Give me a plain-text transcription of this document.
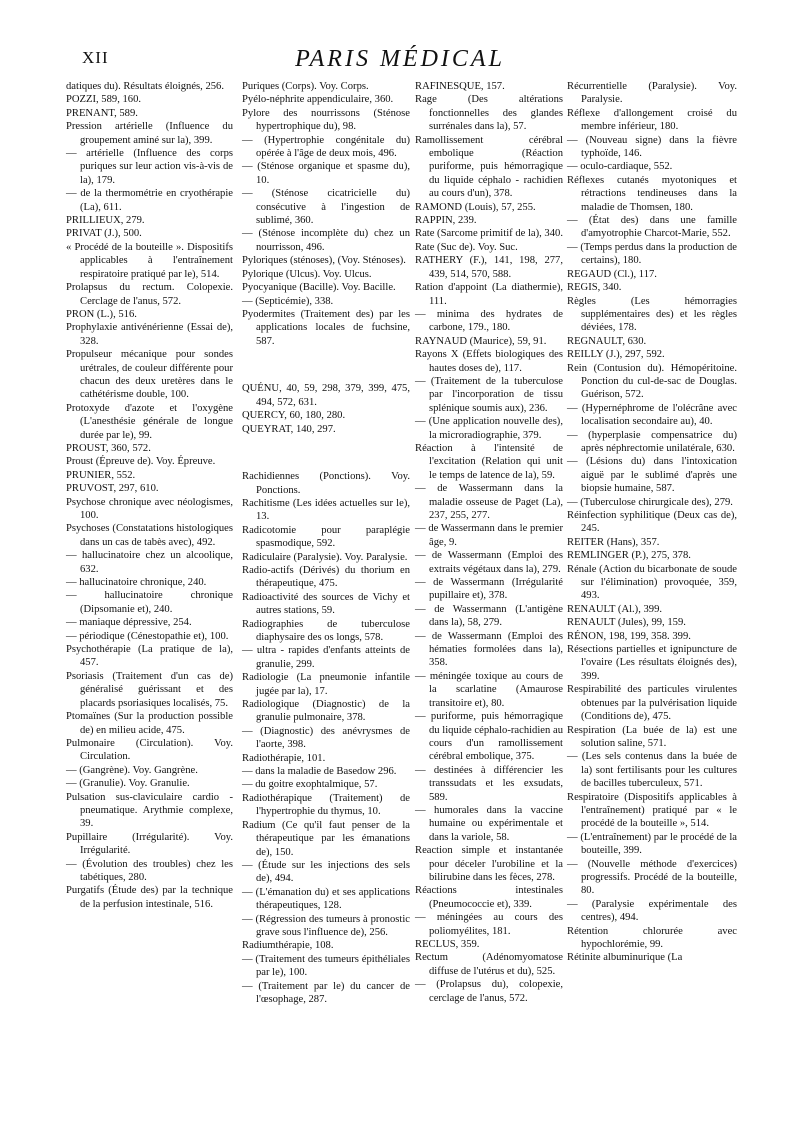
XII	PARIS MÉDICAL

datiques du). Résultats éloignés, 256.

POZZI, 589, 160.

PRENANT, 589.

Pression artérielle (Influence du groupement aminé sur la), 399.

— artérielle (Influence des corps puriques sur leur action vis-à-vis de la), 179.

— de la thermométrie en cryothérapie (La), 611.

PRILLIEUX, 279.

PRIVAT (J.), 500.

« Procédé de la bouteille ». Dispositifs applicables à l'entraînement respiratoire pratiqué par le), 514.

Prolapsus du rectum. Colopexie. Cerclage de l'anus, 572.

PRON (L.), 516.

Prophylaxie antivénérienne (Essai de), 328.

Propulseur mécanique pour sondes urétrales, de couleur différente pour chacun des deux uretères dans le cathétérisme double, 100.

Protoxyde d'azote et l'oxygène (L'anesthésie générale de longue durée par le), 99.

PROUST, 360, 572.

Proust (Épreuve de). Voy. Épreuve.

PRUNIER, 552.

PRUVOST, 297, 610.

Psychose chronique avec néologismes, 100.

Psychoses (Constatations histologiques dans un cas de tabès avec), 492.

— hallucinatoire chez un alcoolique, 632.

— hallucinatoire chronique, 240.

— hallucinatoire chronique (Dipsomanie et), 240.

— maniaque dépressive, 254.

— périodique (Cénestopathie et), 100.

Psychothérapie (La pratique de la), 457.

Psoriasis (Traitement d'un cas de) généralisé guérissant et des placards psoriasiques localisés, 75.

Ptomaïnes (Sur la production possible de) en milieu acide, 475.

Pulmonaire (Circulation). Voy. Circulation.

— (Gangrène). Voy. Gangrène.

— (Granulie). Voy. Granulie.

Pulsation sus-claviculaire cardio - pneumatique. Arythmie complexe, 39.

Pupillaire (Irrégularité). Voy. Irrégularité.

— (Évolution des troubles) chez les tabétiques, 280.

Purgatifs (Étude des) par la technique de la perfusion intestinale, 516.

Puriques (Corps). Voy. Corps.

Pyélo-néphrite appendiculaire, 360.

Pylore des nourrissons (Sténose hypertrophique du), 98.

— (Hypertrophie congénitale du) opérée à l'âge de deux mois, 496.

— (Sténose organique et spasme du), 10.

— (Sténose cicatricielle du) consécutive à l'ingestion de sublimé, 360.

— (Sténose incomplète du) chez un nourrisson, 496.

Pyloriques (sténoses), (Voy. Sténoses).

Pylorique (Ulcus). Voy. Ulcus.

Pyocyanique (Bacille). Voy. Bacille.

— (Septicémie), 338.

Pyodermites (Traitement des) par les applications locales de fuchsine, 587.

QUÉNU, 40, 59, 298, 379, 399, 475, 494, 572, 631.

QUERCY, 60, 180, 280.

QUEYRAT, 140, 297.

Rachidiennes (Ponctions). Voy. Ponctions.

Rachitisme (Les idées actuelles sur le), 13.

Radicotomie pour paraplégie spasmodique, 592.

Radiculaire (Paralysie). Voy. Paralysie.

Radio-actifs (Dérivés) du thorium en thérapeutique, 475.

Radioactivité des sources de Vichy et autres stations, 59.

Radiographies de tuberculose diaphysaire des os longs, 578.

— ultra - rapides d'enfants atteints de granulie, 299.

Radiologie (La pneumonie infantile jugée par la), 17.

Radiologique (Diagnostic) de la granulie pulmonaire, 378.

— (Diagnostic) des anévrysmes de l'aorte, 398.

Radiothérapie, 101.

— dans la maladie de Basedow 296.

— du goitre exophtalmique, 57.

Radiothérapique (Traitement) de l'hypertrophie du thymus, 10.

Radium (Ce qu'il faut penser de la thérapeutique par les émanations de), 150.

— (Étude sur les injections des sels de), 494.

— (L'émanation du) et ses applications thérapeutiques, 128.

— (Régression des tumeurs à pronostic grave sous l'influence de), 256.

Radiumthérapie, 108.

— (Traitement des tumeurs épithéliales par le), 100.

— (Traitement par le) du cancer de l'œsophage, 287.

RAFINESQUE, 157.

Rage (Des altérations fonctionnelles des glandes surrénales dans la), 57.

Ramollissement cérébral embolique (Réaction puriforme, puis hémorragique du liquide céphalo - rachidien au cours d'un), 378.

RAMOND (Louis), 57, 255.

RAPPIN, 239.

Rate (Sarcome primitif de la), 340.

Rate (Suc de). Voy. Suc.

RATHERY (F.), 141, 198, 277, 439, 514, 570, 588.

Ration d'appoint (La diathermie), 111.

— minima des hydrates de carbone, 179., 180.

RAYNAUD (Maurice), 59, 91.

Rayons X (Effets biologiques des hautes doses de), 117.

— (Traitement de la tuberculose par l'incorporation de tissu splénique soumis aux), 236.

— (Une application nouvelle des), la microradiographie, 379.

Réaction à l'intensité de l'excitation (Relation qui unit le temps de latence de la), 59.

— de Wassermann dans la maladie osseuse de Paget (La), 237, 255, 277.

— de Wassermann dans le premier âge, 9.

— de Wassermann (Emploi des extraits végétaux dans la), 279.

— de Wassermann (Irrégularité pupillaire et), 378.

— de Wassermann (L'antigène dans la), 58, 279.

— de Wassermann (Emploi des hématies formolées dans la), 358.

— méningée toxique au cours de la scarlatine (Amaurose transitoire et), 80.

— puriforme, puis hémorragique du liquide céphalo-rachidien au cours d'un ramollissement cérébral embolique, 375.

— destinées à différencier les transsudats et les exsudats, 589.

— humorales dans la vaccine humaine ou expérimentale et dans la variole, 58.

Reaction simple et instantanée pour déceler l'urobiline et la bilirubine dans les fèces, 278.

Réactions intestinales (Pneumococcie et), 339.

— méningées au cours des poliomyélites, 181.

RECLUS, 359.

Rectum (Adénomyomatose diffuse de l'utérus et du), 525.

— (Prolapsus du), colopexie, cerclage de l'anus, 572.

Récurrentielle (Paralysie). Voy. Paralysie.

Réflexe d'allongement croisé du membre inférieur, 180.

— (Nouveau signe) dans la fièvre typhoïde, 146.

— oculo-cardiaque, 552.

Réflexes cutanés myotoniques et rétractions tendineuses dans la maladie de Thomsen, 180.

— (État des) dans une famille d'amyotrophie Charcot-Marie, 552.

— (Temps perdus dans la production de certains), 180.

REGAUD (Cl.), 117.

REGIS, 340.

Règles (Les hémorragies supplémentaires des) et les règles déviées, 178.

REGNAULT, 630.

REILLY (J.), 297, 592.

Rein (Contusion du). Hémopéritoine. Ponction du cul-de-sac de Douglas. Guérison, 572.

— (Hypernéphrome de l'olécrâne avec localisation secondaire au), 40.

— (hyperplasie compensatrice du) après néphrectomie unilatérale, 630.

— (Lésions du) dans l'intoxication aiguë par le sublimé d'après une biopsie humaine, 587.

— (Tuberculose chirurgicale des), 279.

Réinfection syphilitique (Deux cas de), 245.

REITER (Hans), 357.

REMLINGER (P.), 275, 378.

Rénale (Action du bicarbonate de soude sur l'élimination) provoquée, 359, 493.

RENAULT (Al.), 399.

RENAULT (Jules), 99, 159.

RÉNON, 198, 199, 358. 399.

Résections partielles et ignipuncture de l'ovaire (Les résultats éloignés des), 399.

Respirabilité des particules virulentes obtenues par la pulvérisation liquide (Conditions de), 475.

Respiration (La buée de la) est une solution saline, 571.

— (Les sels contenus dans la buée de la) sont fertilisants pour les cultures de bacilles tuberculeux, 571.

Respiratoire (Dispositifs applicables à l'entraînement) pratiqué par « le procédé de la bouteille », 514.

— (L'entraînement) par le procédé de la bouteille, 399.

— (Nouvelle méthode d'exercices) progressifs. Procédé de la bouteille, 80.

— (Paralysie expérimentale des centres), 494.

Rétention chlorurée avec hypochlorémie, 99.

Rétinite albuminurique (La
